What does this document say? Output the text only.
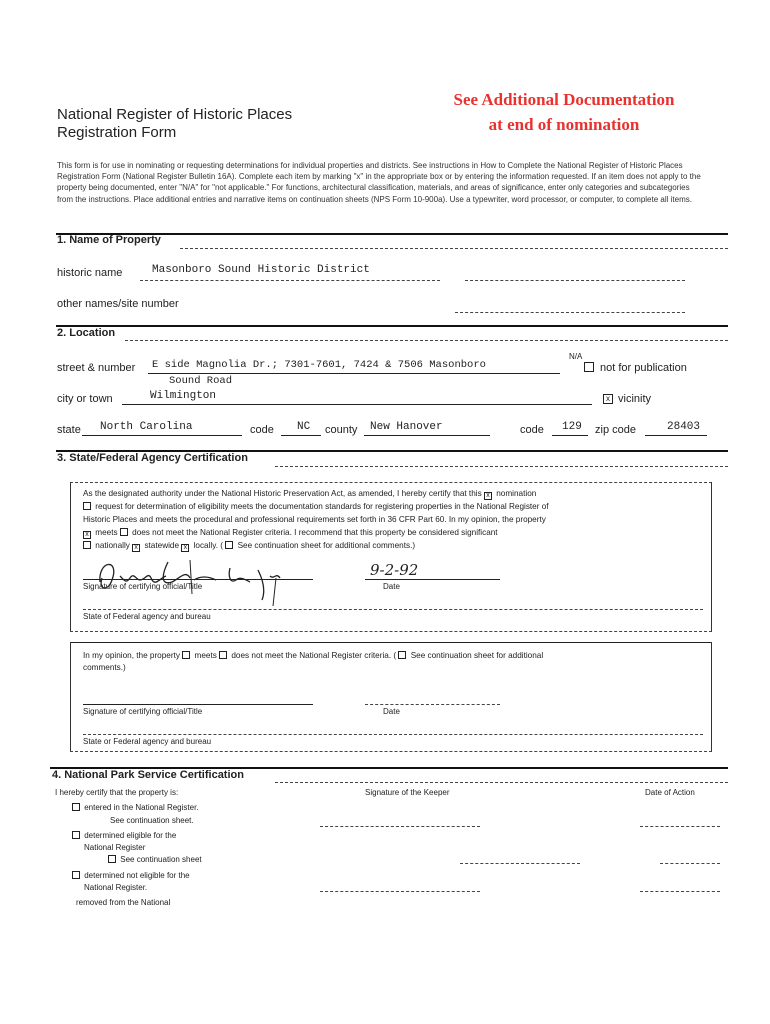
See Additional Documentation
at end of nomination
National Register of Historic Places
Registration Form
This form is for use in nominating or requesting determinations for individual properties and districts. See instructions in How to Complete the National Register of Historic Places Registration Form (National Register Bulletin 16A). Complete each item by marking "x" in the appropriate box or by entering the information requested. If an item does not apply to the property being documented, enter "N/A" for "not applicable." For functions, architectural classification, materials, and areas of significance, enter only categories and subcategories from the instructions. Place additional entries and narrative items on continuation sheets (NPS Form 10-900a). Use a typewriter, word processor, or computer, to complete all items.
1. Name of Property
historic name	Masonboro Sound Historic District
other names/site number
2. Location
street & number E side Magnolia Dr.; 7301-7601, 7424 & 7506 Masonboro
Sound Road
N/A
not for publication
city or town	Wilmington	x vicinity
state North Carolina	code NC county New Hanover	code 129 zip code	28403
3. State/Federal Agency Certification
As the designated authority under the National Historic Preservation Act, as amended, I hereby certify that this x nomination
request for determination of eligibility meets the documentation standards for registering properties in the National Register of
Historic Places and meets the procedural and professional requirements set forth in 36 CFR Part 60. In my opinion, the property
x meets does not meet the National Register criteria. I recommend that this property be considered significant
nationally x statewide x locally. ( See continuation sheet for additional comments.)
9-2-92
Signature of certifying official/Title	Date
State of Federal agency and bureau
In my opinion, the property meets does not meet the National Register criteria. ( See continuation sheet for additional
comments.)
Signature of certifying official/Title	Date
State or Federal agency and bureau
4. National Park Service Certification
I hereby certify that the property is:	Signature of the Keeper	Date of Action
entered in the National Register.
See continuation sheet.
determined eligible for the
National Register
See continuation sheet
determined not eligible for the
National Register.
removed from the National
